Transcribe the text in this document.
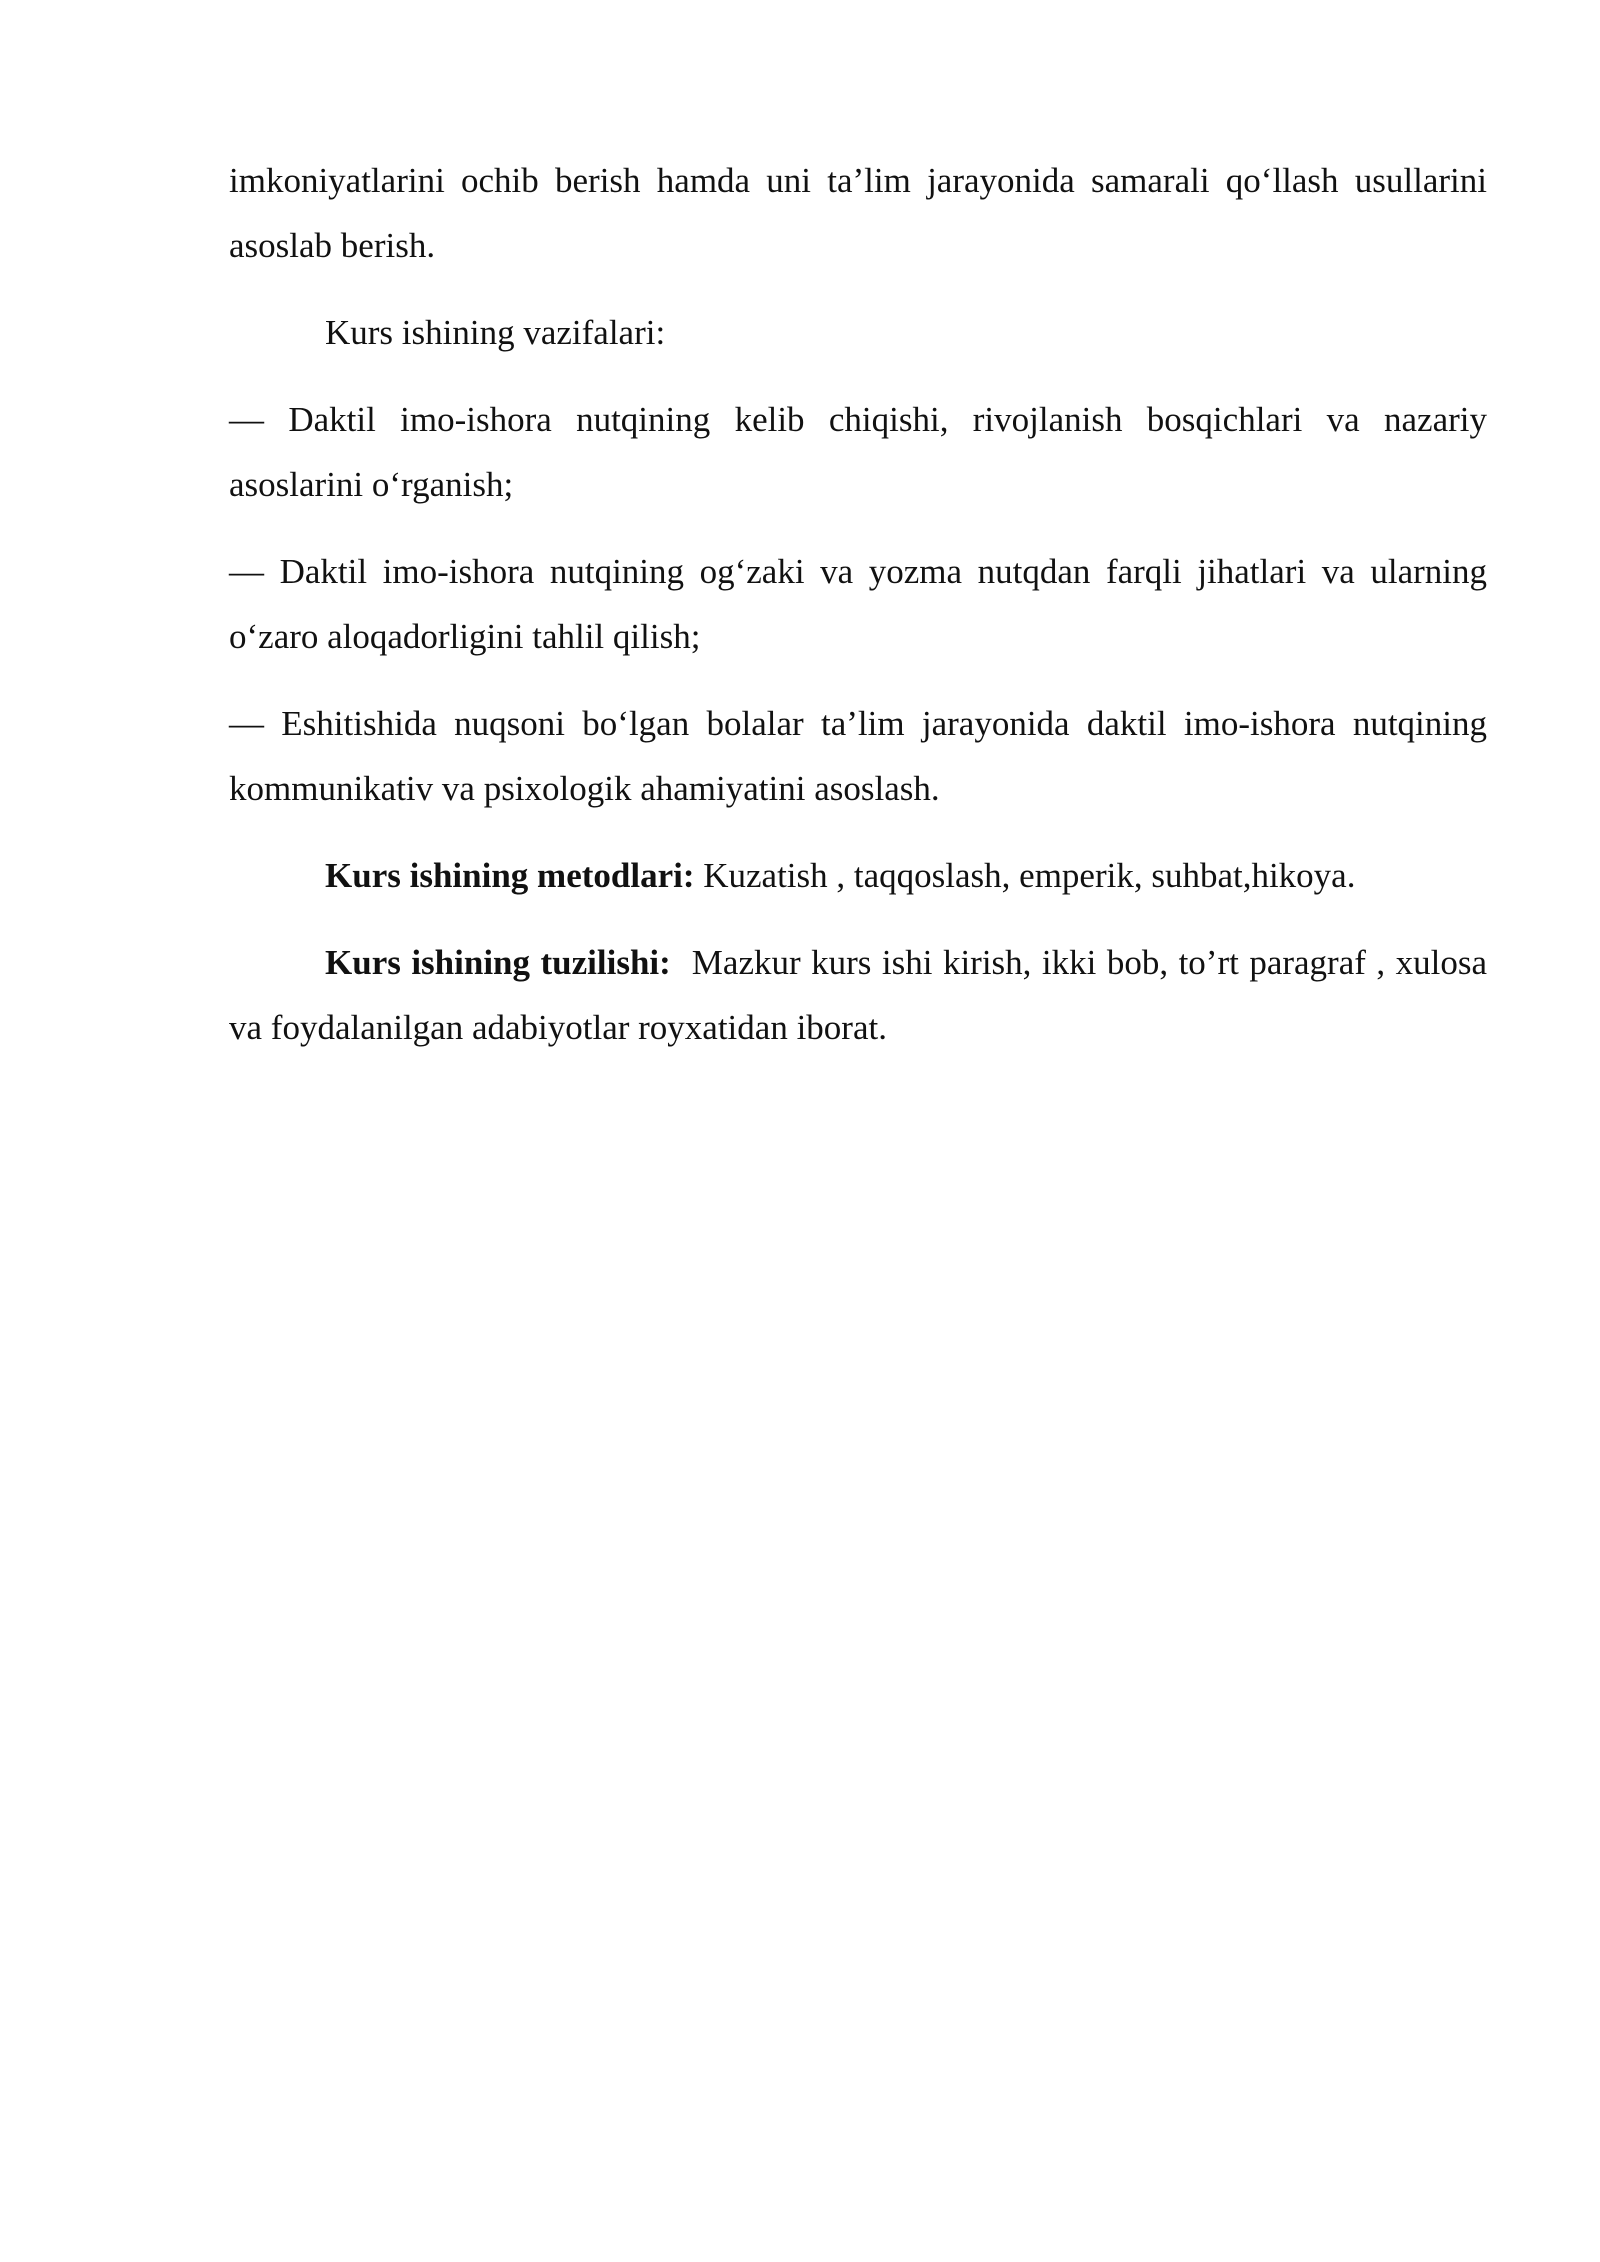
imkoniyatlarini ochib berish hamda uni ta’lim jarayonida samarali qo‘llash usullarini asoslab berish.

Kurs ishining vazifalari:

— Daktil imo-ishora nutqining kelib chiqishi, rivojlanish bosqichlari va nazariy asoslarini o‘rganish;

— Daktil imo-ishora nutqining og‘zaki va yozma nutqdan farqli jihatlari va ularning o‘zaro aloqadorligini tahlil qilish;

— Eshitishida nuqsoni bo‘lgan bolalar ta’lim jarayonida daktil imo-ishora nutqining kommunikativ va psixologik ahamiyatini asoslash.

Kurs ishining metodlari: Kuzatish , taqqoslash, emperik, suhbat,hikoya.

Kurs ishining tuzilishi:  Mazkur kurs ishi kirish, ikki bob, to’rt paragraf , xulosa va foydalanilgan adabiyotlar royxatidan iborat.
